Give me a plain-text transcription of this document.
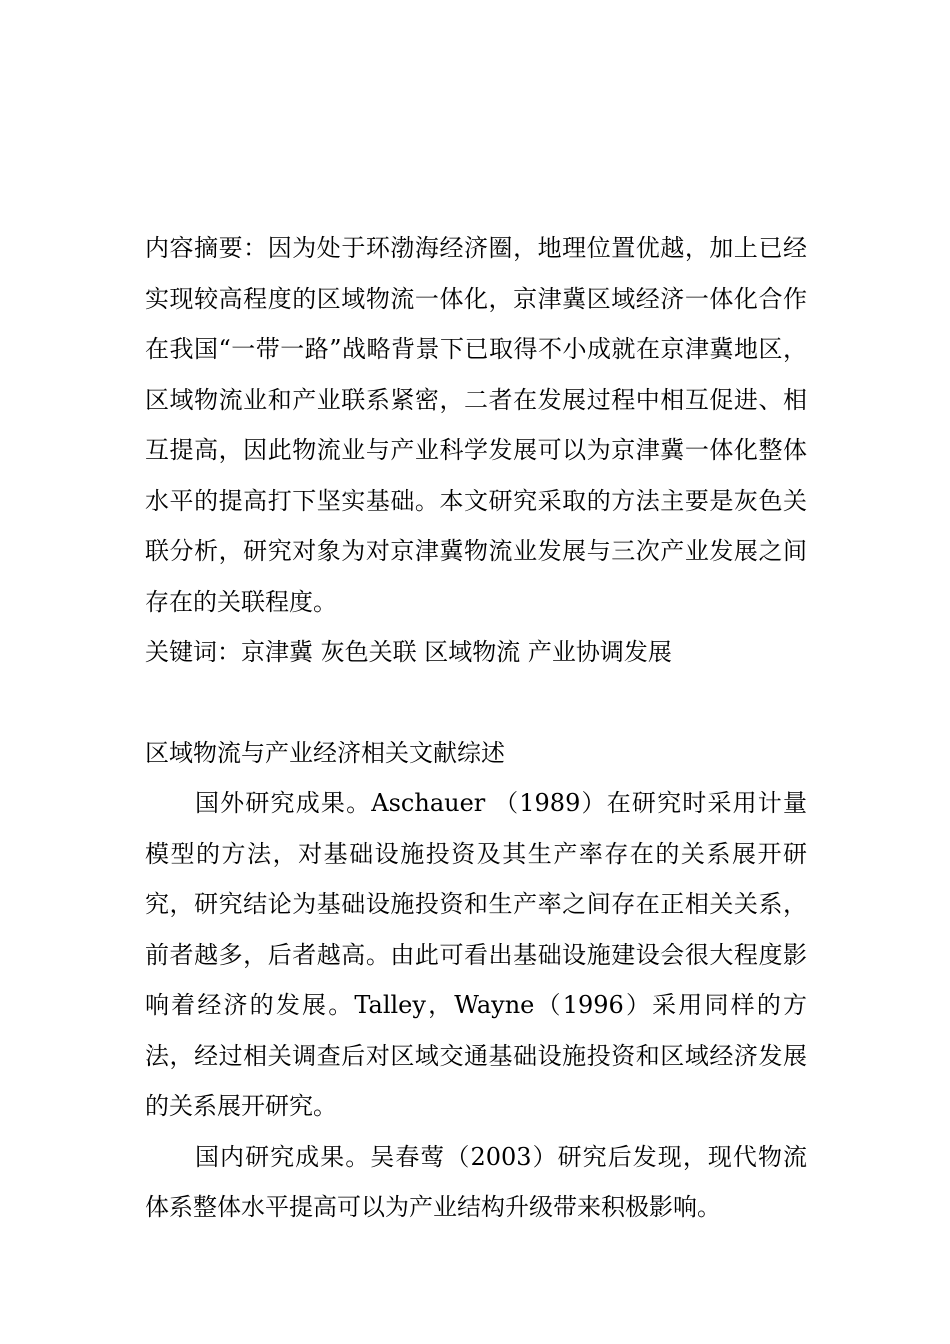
内容摘要：因为处于环渤海经济圈，地理位置优越，加上已经实现较高程度的区域物流一体化，京津冀区域经济一体化合作在我国“一带一路”战略背景下已取得不小成就在京津冀地区，区域物流业和产业联系紧密，二者在发展过程中相互促进、相互提高，因此物流业与产业科学发展可以为京津冀一体化整体水平的提高打下坚实基础。本文研究采取的方法主要是灰色关联分析，研究对象为对京津冀物流业发展与三次产业发展之间存在的关联程度。

关键词：京津冀 灰色关联 区域物流 产业协调发展

区域物流与产业经济相关文献综述

国外研究成果。Aschauer （1989）在研究时采用计量模型的方法，对基础设施投资及其生产率存在的关系展开研究，研究结论为基础设施投资和生产率之间存在正相关关系，前者越多，后者越高。由此可看出基础设施建设会很大程度影响着经济的发展。Talley，Wayne（1996）采用同样的方法，经过相关调查后对区域交通基础设施投资和区域经济发展的关系展开研究。

国内研究成果。吴春莺（2003）研究后发现，现代物流体系整体水平提高可以为产业结构升级带来积极影响。
